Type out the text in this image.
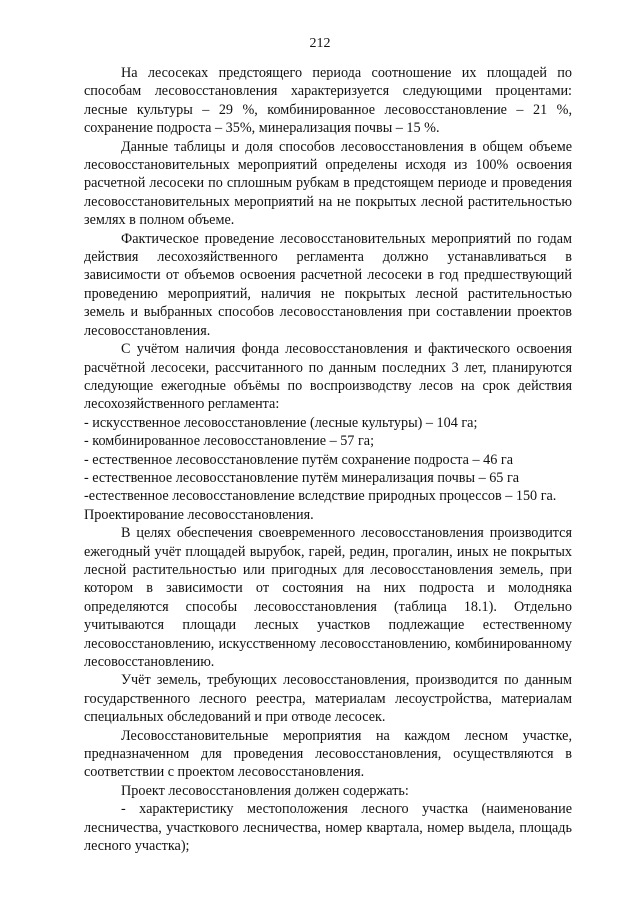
212

На лесосеках предстоящего периода соотношение их площадей по способам лесовосстановления характеризуется следующими процентами: лесные культуры – 29 %, комбинированное лесовосстановление – 21 %, сохранение подроста – 35%, минерализация почвы – 15 %.

Данные таблицы и доля способов лесовосстановления в общем объеме лесовосстановительных мероприятий определены исходя из 100% освоения расчетной лесосеки по сплошным рубкам в предстоящем периоде и проведения лесовосстановительных мероприятий на не покрытых лесной растительностью землях в полном объеме.

Фактическое проведение лесовосстановительных мероприятий по годам действия лесохозяйственного регламента должно устанавливаться в зависимости от объемов освоения расчетной лесосеки в год предшествующий проведению мероприятий, наличия не покрытых лесной растительностью земель и выбранных способов лесовосстановления при составлении проектов лесовосстановления.

С учётом наличия фонда лесовосстановления и фактического освоения расчётной лесосеки, рассчитанного по данным последних 3 лет, планируются следующие ежегодные объёмы по воспроизводству лесов на срок действия лесохозяйственного регламента:

- искусственное лесовосстановление (лесные культуры) – 104 га;

- комбинированное лесовосстановление – 57 га;

- естественное лесовосстановление путём сохранение подроста – 46 га

- естественное лесовосстановление путём минерализация почвы – 65 га

-естественное лесовосстановление вследствие природных процессов – 150 га.

Проектирование лесовосстановления.

В целях обеспечения своевременного лесовосстановления производится ежегодный учёт площадей вырубок, гарей, редин, прогалин, иных не покрытых лесной растительностью или пригодных для лесовосстановления земель, при котором в зависимости от состояния на них подроста и молодняка определяются способы лесовосстановления (таблица 18.1). Отдельно учитываются площади лесных участков подлежащие естественному лесовосстановлению, искусственному лесовосстановлению, комбинированному лесовосстановлению.

Учёт земель, требующих лесовосстановления, производится по данным государственного лесного реестра, материалам лесоустройства, материалам специальных обследований и при отводе лесосек.

Лесовосстановительные мероприятия на каждом лесном участке, предназначенном для проведения лесовосстановления, осуществляются в соответствии с проектом лесовосстановления.

Проект лесовосстановления должен содержать:

- характеристику местоположения лесного участка (наименование лесничества, участкового лесничества, номер квартала, номер выдела, площадь лесного участка);
